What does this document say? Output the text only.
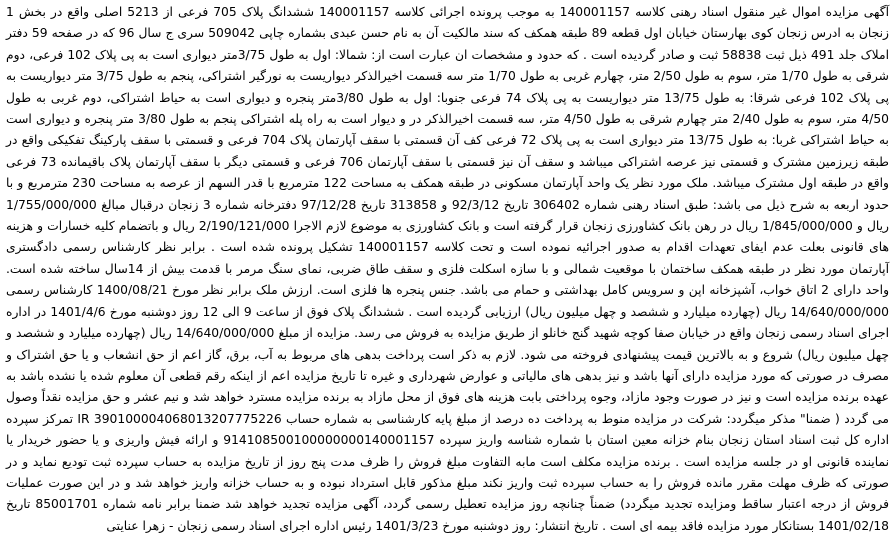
آگهی مزایده اموال غیر منقول اسناد رهنی کلاسه 140001157 به موجب پرونده اجرائی کلاسه 140001157 ششدانگ پلاک 705 فرعی از 5213 اصلی واقع در بخش 1 زنجان به ادرس زنجان کوی بهارستان خیابان اول قطعه 89 طبقه همکف که سند مالکیت آن به نام حسن عبدی بشماره چاپی 509042 سری ج سال 96 که در صفحه 59 دفتر املاک جلد 491 ذیل ثبت 58838 ثبت و صادر گردیده است . که حدود و مشخصات ان عبارت است از: شمالا: اول به طول 3/75متر دیواری است به پی پلاک 102 فرعی، دوم شرقی به طول 1/70 متر، سوم به طول 2/50 متر، چهارم غربی به طول 1/70 متر سه قسمت اخیرالذکر دیواریست به نورگیر اشتراکی، پنجم به طول 3/75 متر دیواریست به پی پلاک 102 فرعی شرقا: به طول 13/75 متر دیواریست به پی پلاک 74 فرعی جنوبا: اول به طول 3/80متر پنجره و دیواری است به حیاط اشتراکی، دوم غربی به طول 4/50 متر، سوم به طول 2/40 متر چهارم شرقی به طول 4/50 متر، سه قسمت اخیرالذکر در و دیوار است به راه پله اشتراکی پنجم به طول 3/80 متر پنجره و دیواری است به حیاط اشتراکی غربا: به طول 13/75 متر دیواری است به پی پلاک 72 فرعی کف آن قسمتی با سقف آپارتمان پلاک 704 فرعی و قسمتی با سقف پارکینگ تفکیکی واقع در طبقه زیرزمین مشترک و قسمتی نیز عرصه اشتراکی میباشد و سقف آن نیز قسمتی با سقف آپارتمان 706 فرعی و قسمتی دیگر با سقف آپارتمان پلاک باقیمانده 73 فرعی واقع در طبقه اول مشترک میباشد. ملک مورد نظر یک واحد آپارتمان مسکونی در طبقه همکف به مساحت 122 مترمربع با قدر السهم از عرصه به مساحت 230 مترمربع و با حدود اربعه به شرح ذیل می باشد: طبق اسناد رهنی شماره 306402 تاریخ 92/3/12 و 313858 تاریخ 97/12/28 دفترخانه شماره 3 زنجان درقبال مبالغ 1/755/000/000 ریال و 1/845/000/000 ریال در رهن بانک کشاورزی زنجان قرار گرفته است و بانک کشاورزی به موضوع لازم الاجرا 2/190/121/000 ریال و باتضمام کلیه خسارات و هزینه های قانونی بعلت عدم ایفای تعهدات اقدام به صدور اجرائیه نموده است و تحت کلاسه 140001157 تشکیل پرونده شده است . برابر نظر کارشناس رسمی دادگستری آپارتمان مورد نظر در طبقه همکف ساختمان با موقعیت شمالی و با سازه اسکلت فلزی و سقف طاق ضربی، نمای سنگ مرمر با قدمت بیش از 14سال ساخته شده است. واحد دارای 2 اتاق خواب، آشپزخانه اپن و سرویس کامل بهداشتی و حمام می باشد. جنس پنجره ها فلزی است. ارزش ملک برابر نظر مورخ 1400/08/21 کارشناس رسمی 14/640/000/000 ریال (چهارده میلیارد و ششصد و چهل میلیون ریال) ارزیابی گردیده است . ششدانگ پلاک فوق از ساعت 9 الی 12 روز دوشنبه مورخ 1401/4/6 در اداره اجرای اسناد رسمی زنجان واقع در خیابان صفا کوچه شهید گنج خانلو از طریق مزایده به فروش می رسد. مزایده از مبلغ 14/640/000/000 ریال (چهارده میلیارد و ششصد و چهل میلیون ریال) شروع و به بالاترین قیمت پیشنهادی فروخته می شود. لازم به ذکر است پرداخت بدهی های مربوط به آب، برق، گاز اعم از حق انشعاب و یا حق اشتراک و مصرف در صورتی که مورد مزایده دارای آنها باشد و نیز بدهی های مالیاتی و عوارض شهرداری و غیره تا تاریخ مزایده اعم از اینکه رقم قطعی آن معلوم شده یا نشده باشد به عهده برنده مزایده است و نیز در صورت وجود مازاد، وجوه پرداختی بابت هزینه های فوق از محل مازاد به برنده مزایده مسترد خواهد شد و نیم عشر و حق مزایده نقداً وصول می گردد ( ضمنا" مذکر میگردد: شرکت در مزایده منوط به پرداخت ده درصد از مبلغ پایه کارشناسی به شماره حساب IR 390100004068013207775226 تمرکز سپرده اداره کل ثبت اسناد استان زنجان بنام خزانه معین استان با شماره شناسه واریز سپرده 914108500100000000140001157 و ارائه فیش واریزی و یا حضور خریدار یا نماینده قانونی او در جلسه مزایده است . برنده مزایده مکلف است مابه التفاوت مبلغ فروش را ظرف مدت پنج روز از تاریخ مزایده به حساب سپرده ثبت تودیع نماید و در صورتی که ظرف مهلت مقرر مانده فروش را به حساب سپرده ثبت واریز نکند مبلغ مذکور قابل استرداد نبوده و به حساب خزانه واریز خواهد شد و در این صورت عملیات فروش از درجه اعتبار ساقط ومزایده تجدید میگردد) ضمناً چنانچه روز مزایده تعطیل رسمی گردد، آگهی مزایده تجدید خواهد شد ضمنا برابر نامه شماره 85001701 تاریخ 1401/02/18 بستانکار مورد مزایده فاقد بیمه ای است . تاریخ انتشار: روز دوشنبه مورخ 1401/3/23 رئیس اداره اجرای اسناد رسمی زنجان - زهرا عنایتی
